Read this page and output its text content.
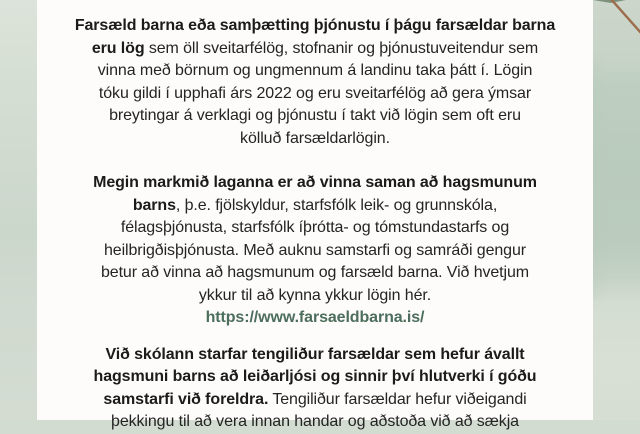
Farsæld barna eða samþætting þjónustu í þágu farsældar barna
eru lög sem öll sveitarfélög, stofnanir og þjónustuveitendur sem
vinna með börnum og ungmennum á landinu taka þátt í. Lögin
tóku gildi í upphafi árs 2022 og eru sveitarfélög að gera ýmsar
breytingar á verklagi og þjónustu í takt við lögin sem oft eru
kölluð farsældarlögin.
Megin markmið laganna er að vinna saman að hagsmunum
barns, þ.e. fjölskyldur, starfsfólk leik- og grunnskóla,
félagsþjónusta, starfsfólk íþrótta- og tómstundastarfs og
heilbrigðisþjónusta. Með auknu samstarfi og samráði gengur
betur að vinna að hagsmunum og farsæld barna. Við hvetjum
ykkur til að kynna ykkur lögin hér.
https://www.farsaeldbarna.is/
Við skólann starfar tengiliður farsældar sem hefur ávallt
hagsmuni barns að leiðarljósi og sinnir því hlutverki í góðu
samstarfi við foreldra. Tengiliður farsældar hefur viðeigandi
þekkingu til að vera innan handar og aðstoða við að sækja
